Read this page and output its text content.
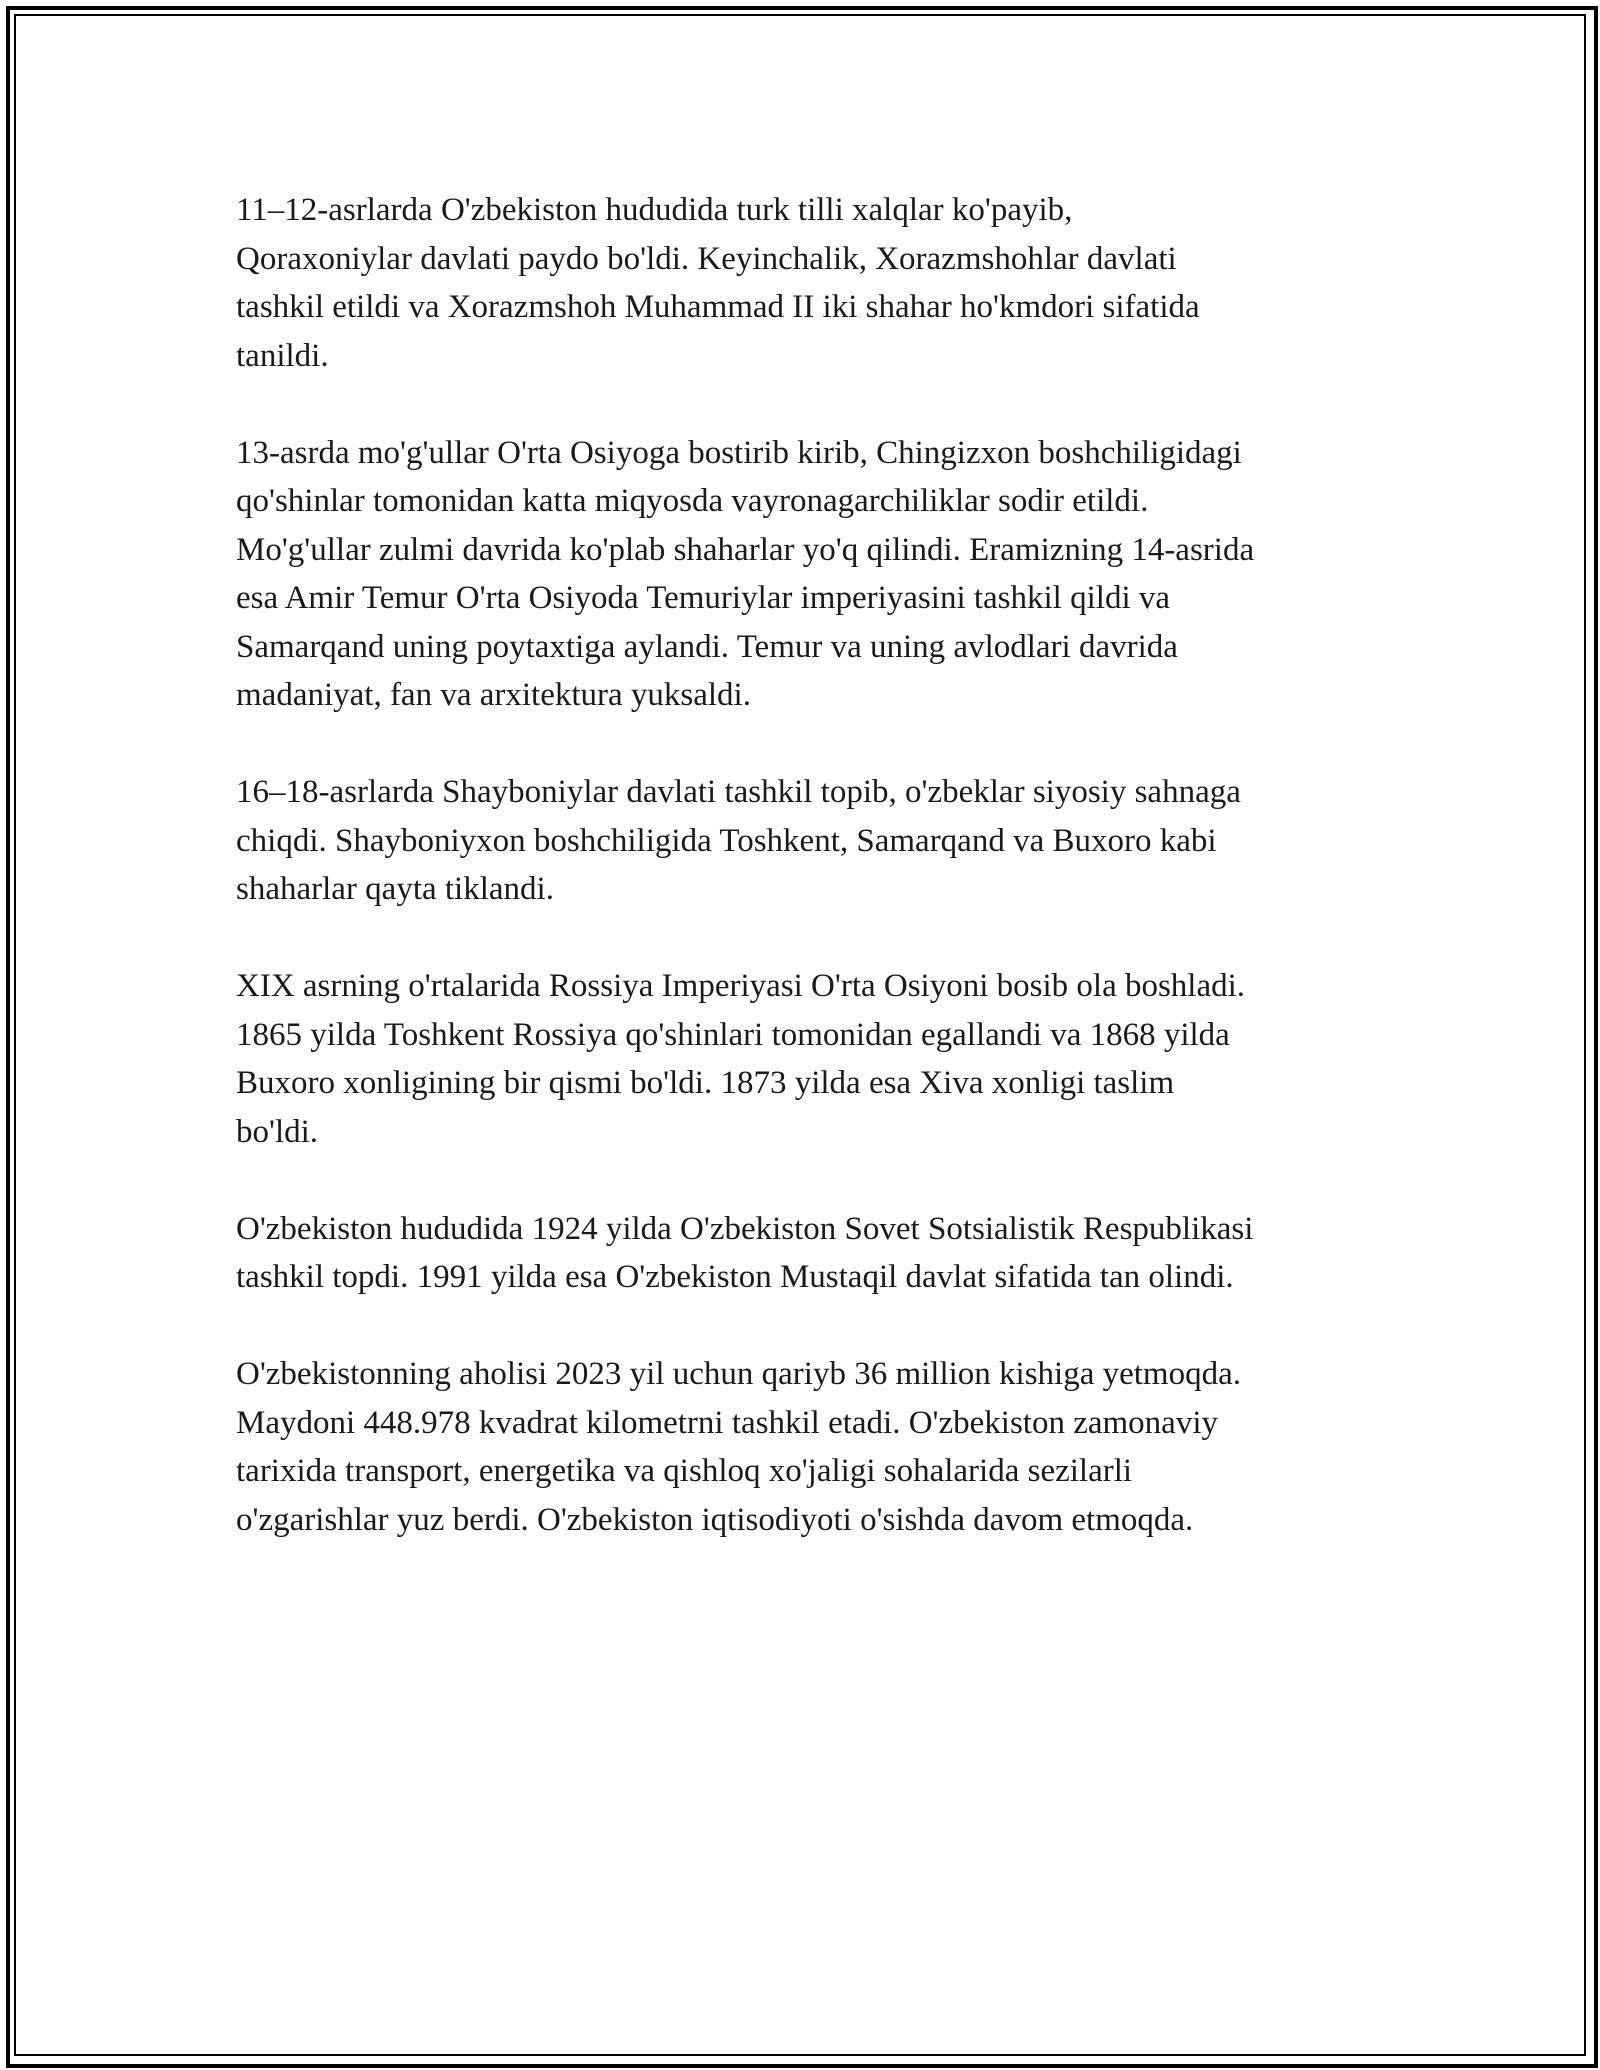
11–12-asrlarda O'zbekiston hududida turk tilli xalqlar ko'payib,
Qoraxoniylar davlati paydo bo'ldi. Keyinchalik, Xorazmshohlar davlati
tashkil etildi va Xorazmshoh Muhammad II iki shahar ho'kmdori sifatida
tanildi.

13-asrda mo'g'ullar O'rta Osiyoga bostirib kirib, Chingizxon boshchiligidagi
qo'shinlar tomonidan katta miqyosda vayronagarchiliklar sodir etildi.
Mo'g'ullar zulmi davrida ko'plab shaharlar yo'q qilindi. Eramizning 14-asrida
esa Amir Temur O'rta Osiyoda Temuriylar imperiyasini tashkil qildi va
Samarqand uning poytaxtiga aylandi. Temur va uning avlodlari davrida
madaniyat, fan va arxitektura yuksaldi.

16–18-asrlarda Shayboniylar davlati tashkil topib, o'zbeklar siyosiy sahnaga
chiqdi. Shayboniyxon boshchiligida Toshkent, Samarqand va Buxoro kabi
shaharlar qayta tiklandi.

XIX asrning o'rtalarida Rossiya Imperiyasi O'rta Osiyoni bosib ola boshladi.
1865 yilda Toshkent Rossiya qo'shinlari tomonidan egallandi va 1868 yilda
Buxoro xonligining bir qismi bo'ldi. 1873 yilda esa Xiva xonligi taslim
bo'ldi.

O'zbekiston hududida 1924 yilda O'zbekiston Sovet Sotsialistik Respublikasi
tashkil topdi. 1991 yilda esa O'zbekiston Mustaqil davlat sifatida tan olindi.

O'zbekistonning aholisi 2023 yil uchun qariyb 36 million kishiga yetmoqda.
Maydoni 448.978 kvadrat kilometrni tashkil etadi. O'zbekiston zamonaviy
tarixida transport, energetika va qishloq xo'jaligi sohalarida sezilarli
o'zgarishlar yuz berdi. O'zbekiston iqtisodiyoti o'sishda davom etmoqda.
